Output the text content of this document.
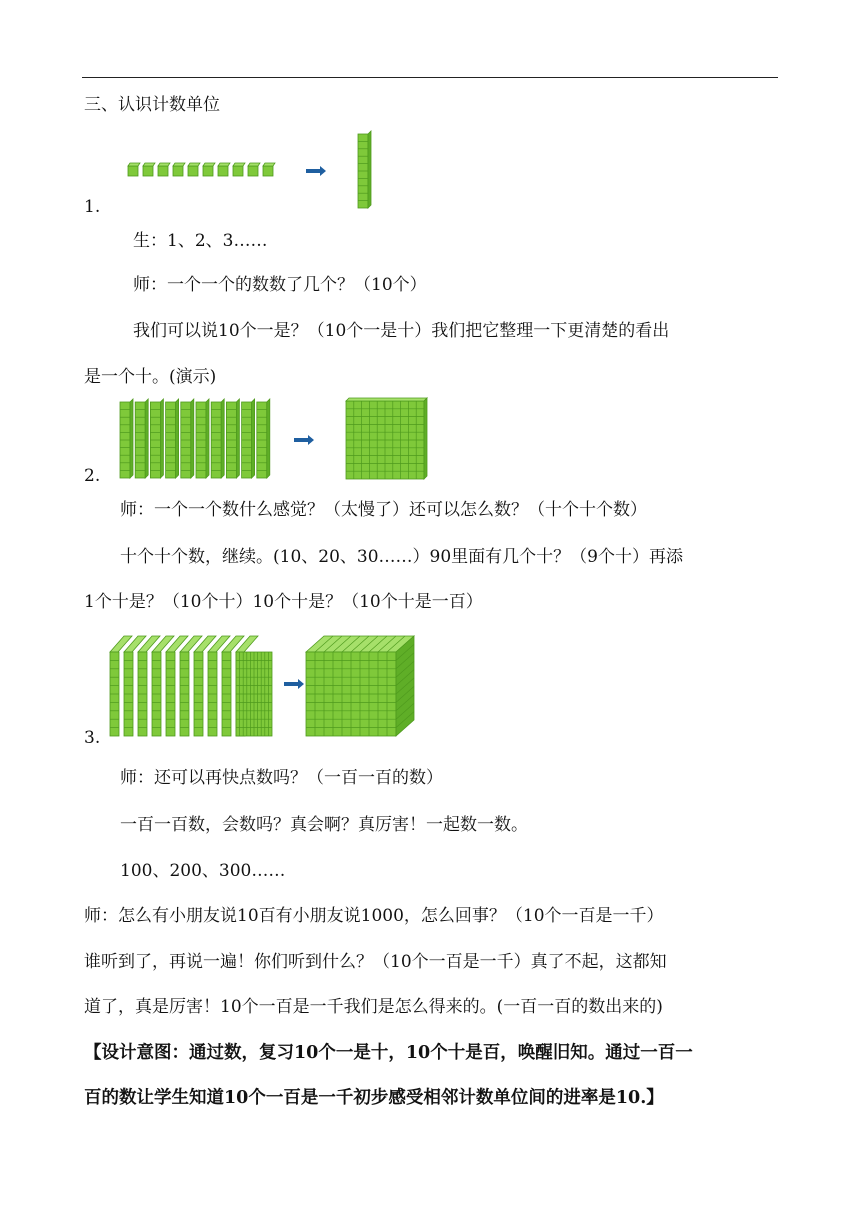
三、认识计数单位
1.
生：1、2、3……
师：一个一个的数数了几个？（10个）
我们可以说10个一是？（10个一是十）我们把它整理一下更清楚的看出
是一个十。(演示)
2.
师：一个一个数什么感觉？（太慢了）还可以怎么数？（十个十个数）
十个十个数，继续。(10、20、30……）90里面有几个十？（9个十）再添
1个十是？（10个十）10个十是？（10个十是一百）
3.
师：还可以再快点数吗？（一百一百的数）
一百一百数，会数吗？真会啊？真厉害！一起数一数。
100、200、300……
师：怎么有小朋友说10百有小朋友说1000，怎么回事？（10个一百是一千）
谁听到了，再说一遍！你们听到什么？（10个一百是一千）真了不起，这都知
道了，真是厉害！10个一百是一千我们是怎么得来的。(一百一百的数出来的)
【设计意图：通过数，复习10个一是十，10个十是百，唤醒旧知。通过一百一
百的数让学生知道10个一百是一千初步感受相邻计数单位间的进率是10.】
